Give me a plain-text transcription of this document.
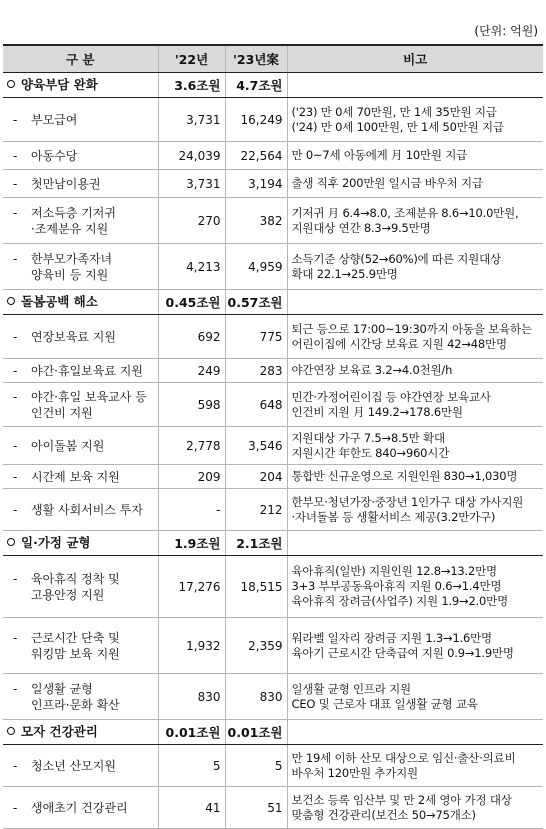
(단위: 억원)
구 분	'22년	'23년案	비고
양육부담 완화	3.6조원	4.7조원	

- 부모급여	3,731	16,249	('23) 만 0세 70만원, 만 1세 35만원 지급
('24) 만 0세 100만원, 만 1세 50만원 지급

- 아동수당	24,039	22,564	만 0~7세 아동에게 月 10만원 지급

- 첫만남이용권	3,731	3,194	출생 직후 200만원 일시금 바우처 지급

- 저소득층 기저귀
·조제분유 지원	270	382	기저귀 月 6.4→8.0, 조제분유 8.6→10.0만원,
지원대상 연간 8.3→9.5만명

- 한부모가족자녀
양육비 등 지원	4,213	4,959	소득기준 상향(52→60%)에 따른 지원대상
확대 22.1→25.9만명

돌봄공백 해소	0.45조원	0.57조원	

- 연장보육료 지원	692	775	퇴근 등으로 17:00~19:30까지 아동을 보육하는
어린이집에 시간당 보육료 지원 42→48만명

- 야간·휴일보육료 지원	249	283	야간연장 보육료 3.2→4.0천원/h

- 야간·휴일 보육교사 등
인건비 지원	598	648	민간·가정어린이집 등 야간연장 보육교사
인건비 지원 月 149.2→178.6만원

- 아이돌봄 지원	2,778	3,546	지원대상 가구 7.5→8.5만 확대
지원시간 年한도 840→960시간

- 시간제 보육 지원	209	204	통합반 신규운영으로 지원인원 830→1,030명

- 생활 사회서비스 투자	-	212	한부모·청년가장·중장년 1인가구 대상 가사지원
·자녀돌봄 등 생활서비스 제공(3.2만가구)

일·가정 균형	1.9조원	2.1조원	

- 육아휴직 정착 및
고용안정 지원	17,276	18,515	육아휴직(일반) 지원인원 12.8→13.2만명
3+3 부부공동육아휴직 지원 0.6→1.4만명
육아휴직 장려금(사업주) 지원 1.9→2.0만명

- 근로시간 단축 및
워킹맘 보육 지원	1,932	2,359	워라벨 일자리 장려금 지원 1.3→1.6만명
육아기 근로시간 단축급여 지원 0.9→1.9만명

- 일생활 균형
인프라·문화 확산	830	830	일생활 균형 인프라 지원
CEO 및 근로자 대표 일생활 균형 교육

모자 건강관리	0.01조원	0.01조원	

- 청소년 산모지원	5	5	만 19세 이하 산모 대상으로 임신·출산·의료비
바우처 120만원 추가지원

- 생애초기 건강관리	41	51	보건소 등록 임산부 및 만 2세 영아 가정 대상
맞춤형 건강관리(보건소 50→75개소)
